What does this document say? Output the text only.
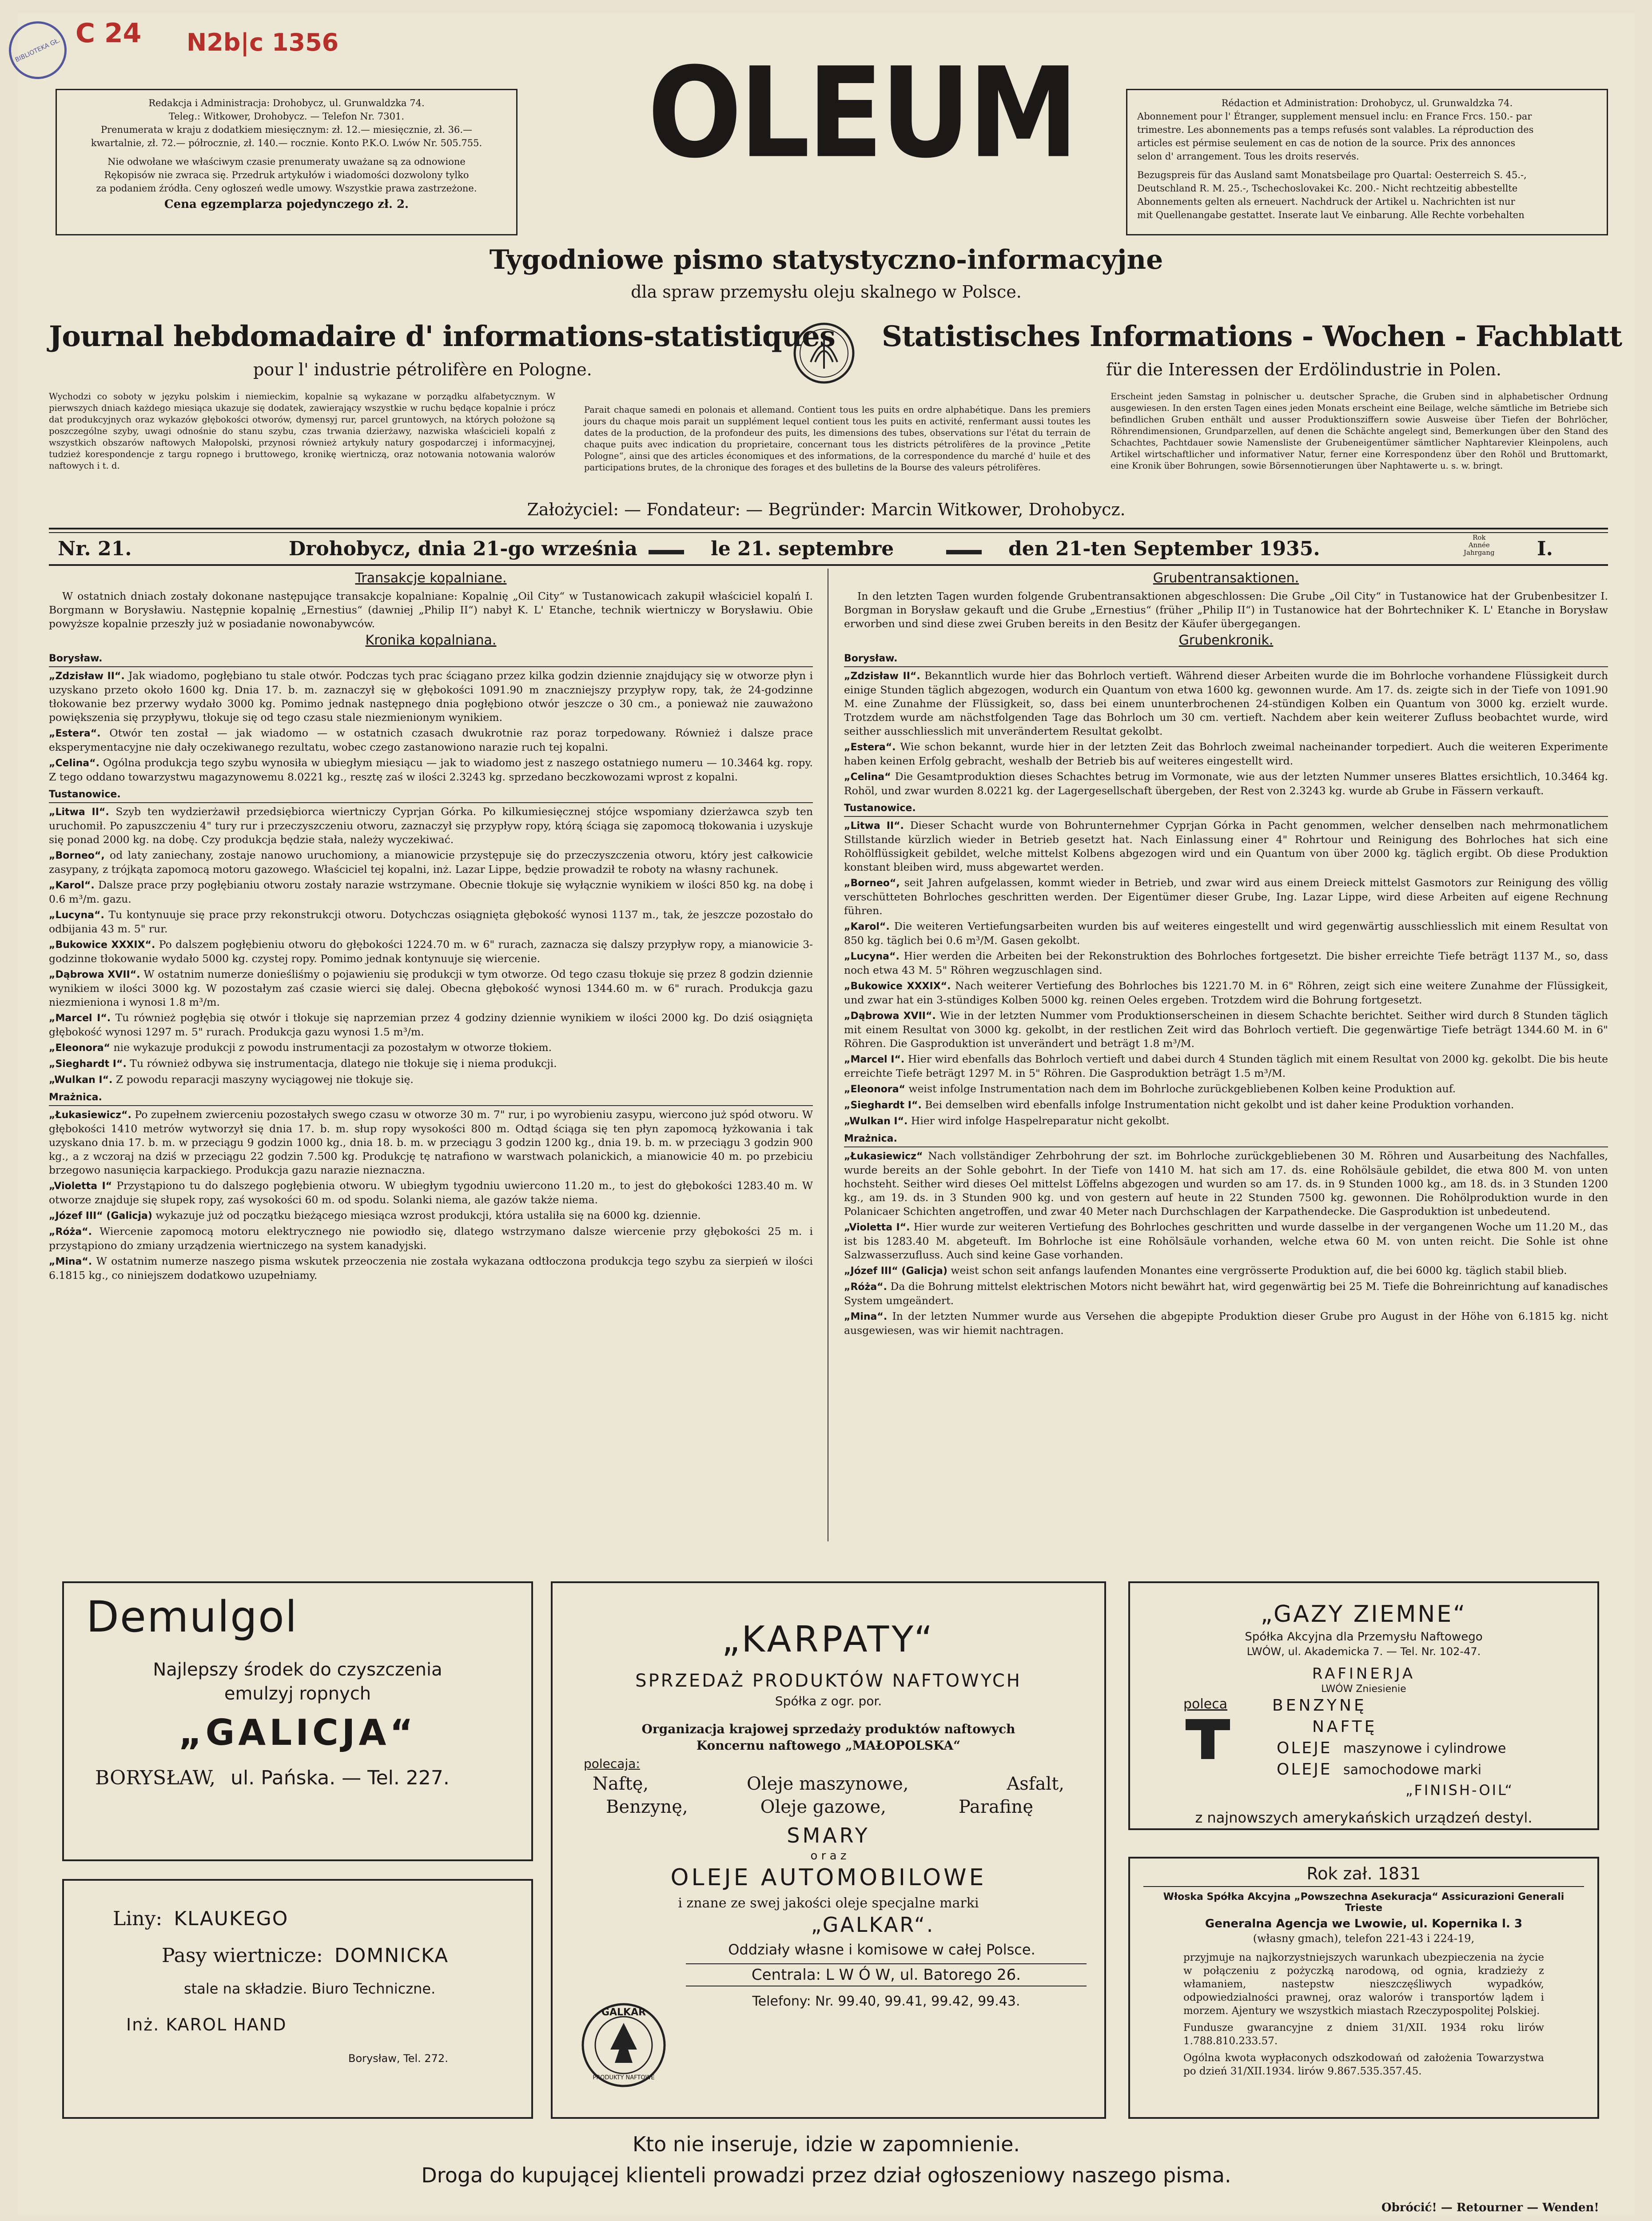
BIBLIOTEKA GŁ.
C 24 N2b|c 1356
Redakcja i Administracja: Drohobycz, ul. Grunwaldzka 74.
Teleg.: Witkower, Drohobycz. — Telefon Nr. 7301.
Prenumerata w kraju z dodatkiem miesięcznym: zł. 12.— miesięcznie, zł. 36.—
kwartalnie, zł. 72.— półrocznie, zł. 140.— rocznie. Konto P.K.O. Lwów Nr. 505.755.
Nie odwołane we właściwym czasie prenumeraty uważane są za odnowione
Rękopisów nie zwraca się. Przedruk artykułów i wiadomości dozwolony tylko
za podaniem źródła. Ceny ogłoszeń wedle umowy. Wszystkie prawa zastrzeżone.
Cena egzemplarza pojedynczego zł. 2.
OLEUM	Rédaction et Administration: Drohobycz, ul. Grunwaldzka 74.
Abonnement pour l' Étranger, supplement mensuel inclu: en France Frcs. 150.- par
trimestre. Les abonnements pas a temps refusés sont valables. La réproduction des
articles est pérmise seulement en cas de notion de la source. Prix des annonces
selon d' arrangement. Tous les droits reservés.
Bezugspreis für das Ausland samt Monatsbeilage pro Quartal: Oesterreich S. 45.-,
Deutschland R. M. 25.-, Tschechoslovakei Kc. 200.- Nicht rechtzeitig abbestellte
Abonnements gelten als erneuert. Nachdruck der Artikel u. Nachrichten ist nur
mit Quellenangabe gestattet. Inserate laut Ve einbarung. Alle Rechte vorbehalten
Tygodniowe pismo statystyczno-informacyjne
dla spraw przemysłu oleju skalnego w Polsce.
Journal hebdomadaire d' informations-statistiques
pour l' industrie pétrolifère en Pologne.
Statistisches Informations - Wochen - Fachblatt
für die Interessen der Erdölindustrie in Polen.
Wychodzi co soboty w języku polskim i niemieckim, kopalnie są wykazane w porządku alfabetycznym. W pierwszych dniach każdego miesiąca ukazuje się dodatek, zawierający wszystkie w ruchu będące kopalnie i prócz dat produkcyjnych oraz wykazów głębokości otworów, dymensyj rur, parcel gruntowych, na których położone są poszczególne szyby, uwagi odnośnie do stanu szybu, czas trwania dzierżawy, nazwiska właścicieli kopalń z wszystkich obszarów naftowych Małopolski, przynosi również artykuły natury gospodarczej i informacyjnej, tudzież korespondencje z targu ropnego i bruttowego, kronikę wiertniczą, oraz notowania notowania walorów naftowych i t. d.
Parait chaque samedi en polonais et allemand. Contient tous les puits en ordre alphabétique. Dans les premiers jours du chaque mois parait un supplément lequel contient tous les puits en activité, renfermant aussi toutes les dates de la production, de la profondeur des puits, les dimensions des tubes, observations sur l'état du terrain de chaque puits avec indication du proprietaire, concernant tous les districts pétrolifères de la province „Petite Pologne“, ainsi que des articles économiques et des informations, de la correspondence du marché d' huile et des participations brutes, de la chronique des forages et des bulletins de la Bourse des valeurs pétrolifères.
Erscheint jeden Samstag in polnischer u. deutscher Sprache, die Gruben sind in alphabetischer Ordnung ausgewiesen. In den ersten Tagen eines jeden Monats erscheint eine Beilage, welche sämtliche im Betriebe sich befindlichen Gruben enthält und ausser Produktionsziffern sowie Ausweise über Tiefen der Bohrlöcher, Röhrendimensionen, Grundparzellen, auf denen die Schächte angelegt sind, Bemerkungen über den Stand des Schachtes, Pachtdauer sowie Namensliste der Grubeneigentümer sämtlicher Naphtarevier Kleinpolens, auch Artikel wirtschaftlicher und informativer Natur, ferner eine Korrespondenz über den Rohöl und Bruttomarkt, eine Kronik über Bohrungen, sowie Börsennotierungen über Naphtawerte u. s. w. bringt.
Założyciel: — Fondateur: — Begründer: Marcin Witkower, Drohobycz.
Nr. 21.	Drohobycz, dnia 21-go września	le 21. septembre	den 21-ten September 1935.	Rok
Année
Jahrgang I.
Transakcje kopalniane.

W ostatnich dniach zostały dokonane następujące transakcje kopalniane: Kopalnię „Oil City“ w Tustanowicach zakupił właściciel kopalń I. Borgmann w Borysławiu. Następnie kopalnię „Ernestius“ (dawniej „Philip II“) nabył K. L' Etanche, technik wiertniczy w Borysławiu. Obie powyższe kopalnie przeszły już w posiadanie nowonabywców.

Kronika kopalniana.
Borysław.

„Zdzisław II“. Jak wiadomo, pogłębiano tu stale otwór. Podczas tych prac ściągano przez kilka godzin dziennie znajdujący się w otworze płyn i uzyskano przeto około 1600 kg. Dnia 17. b. m. zaznaczył się w głębokości 1091.90 m znaczniejszy przypływ ropy, tak, że 24-godzinne tłokowanie bez przerwy wydało 3000 kg. Pomimo jednak następnego dnia pogłębiono otwór jeszcze o 30 cm., a ponieważ nie zauważono powiększenia się przypływu, tłokuje się od tego czasu stale niezmienionym wynikiem.

„Estera“. Otwór ten został — jak wiadomo — w ostatnich czasach dwukrotnie raz poraz torpedowany. Również i dalsze prace eksperymentacyjne nie dały oczekiwanego rezultatu, wobec czego zastanowiono narazie ruch tej kopalni.

„Celina“. Ogólna produkcja tego szybu wynosiła w ubiegłym miesiącu — jak to wiadomo jest z naszego ostatniego numeru — 10.3464 kg. ropy. Z tego oddano towarzystwu magazynowemu 8.0221 kg., resztę zaś w ilości 2.3243 kg. sprzedano beczkowozami wprost z kopalni.

Tustanowice.

„Litwa II“. Szyb ten wydzierżawił przedsiębiorca wiertniczy Cyprjan Górka. Po kilkumiesięcznej stójce wspomiany dzierżawca szyb ten uruchomił. Po zapuszczeniu 4" tury rur i przeczyszczeniu otworu, zaznaczył się przypływ ropy, którą ściąga się zapomocą tłokowania i uzyskuje się ponad 2000 kg. na dobę. Czy produkcja będzie stała, należy wyczekiwać.

„Borneo“, od laty zaniechany, zostaje nanowo uruchomiony, a mianowicie przystępuje się do przeczyszczenia otworu, który jest całkowicie zasypany, z trójkąta zapomocą motoru gazowego. Właściciel tej kopalni, inż. Lazar Lippe, będzie prowadził te roboty na własny rachunek.

„Karol“. Dalsze prace przy pogłębianiu otworu zostały narazie wstrzymane. Obecnie tłokuje się wyłącznie wynikiem w ilości 850 kg. na dobę i 0.6 m³/m. gazu.

„Lucyna“. Tu kontynuuje się prace przy rekonstrukcji otworu. Dotychczas osiągnięta głębokość wynosi 1137 m., tak, że jeszcze pozostało do odbijania 43 m. 5" rur.

„Bukowice XXXIX“. Po dalszem pogłębieniu otworu do głębokości 1224.70 m. w 6" rurach, zaznacza się dalszy przypływ ropy, a mianowicie 3-godzinne tłokowanie wydało 5000 kg. czystej ropy. Pomimo jednak kontynuuje się wiercenie.

„Dąbrowa XVII“. W ostatnim numerze donieśliśmy o pojawieniu się produkcji w tym otworze. Od tego czasu tłokuje się przez 8 godzin dziennie wynikiem w ilości 3000 kg. W pozostałym zaś czasie wierci się dalej. Obecna głębokość wynosi 1344.60 m. w 6" rurach. Produkcja gazu niezmieniona i wynosi 1.8 m³/m.

„Marcel I“. Tu również pogłębia się otwór i tłokuje się naprzemian przez 4 godziny dziennie wynikiem w ilości 2000 kg. Do dziś osiągnięta głębokość wynosi 1297 m. 5" rurach. Produkcja gazu wynosi 1.5 m³/m.

„Eleonora“ nie wykazuje produkcji z powodu instrumentacji za pozostałym w otworze tłokiem.

„Sieghardt I“. Tu również odbywa się instrumentacja, dlatego nie tłokuje się i niema produkcji.

„Wulkan I“. Z powodu reparacji maszyny wyciągowej nie tłokuje się.

Mrażnica.

„Łukasiewicz“. Po zupełnem zwierceniu pozostałych swego czasu w otworze 30 m. 7" rur, i po wyrobieniu zasypu, wiercono już spód otworu. W głębokości 1410 metrów wytworzył się dnia 17. b. m. słup ropy wysokości 800 m. Odtąd ściąga się ten płyn zapomocą łyżkowania i tak uzyskano dnia 17. b. m. w przeciągu 9 godzin 1000 kg., dnia 18. b. m. w przeciągu 3 godzin 1200 kg., dnia 19. b. m. w przeciągu 3 godzin 900 kg., a z wczoraj na dziś w przeciągu 22 godzin 7.500 kg. Produkcję tę natrafiono w warstwach polanickich, a mianowicie 40 m. po przebiciu brzegowo nasunięcia karpackiego. Produkcja gazu narazie nieznaczna.

„Violetta I“ Przystąpiono tu do dalszego pogłębienia otworu. W ubiegłym tygodniu uwiercono 11.20 m., to jest do głębokości 1283.40 m. W otworze znajduje się słupek ropy, zaś wysokości 60 m. od spodu. Solanki niema, ale gazów także niema.

„Józef III“ (Galicja) wykazuje już od początku bieżącego miesiąca wzrost produkcji, która ustaliła się na 6000 kg. dziennie.

„Róża“. Wiercenie zapomocą motoru elektrycznego nie powiodło się, dlatego wstrzymano dalsze wiercenie przy głębokości 25 m. i przystąpiono do zmiany urządzenia wiertniczego na system kanadyjski.

„Mina“. W ostatnim numerze naszego pisma wskutek przeoczenia nie została wykazana odtłoczona produkcja tego szybu za sierpień w ilości 6.1815 kg., co niniejszem dodatkowo uzupełniamy.

Grubentransaktionen.

In den letzten Tagen wurden folgende Grubentransaktionen abgeschlossen: Die Grube „Oil City“ in Tustanowice hat der Grubenbesitzer I. Borgman in Borysław gekauft und die Grube „Ernestius“ (früher „Philip II“) in Tustanowice hat der Bohrtechniker K. L' Etanche in Borysław erworben und sind diese zwei Gruben bereits in den Besitz der Käufer übergegangen.

Grubenkronik.
Borysław.

„Zdzisław II“. Bekanntlich wurde hier das Bohrloch vertieft. Während dieser Arbeiten wurde die im Bohrloche vorhandene Flüssigkeit durch einige Stunden täglich abgezogen, wodurch ein Quantum von etwa 1600 kg. gewonnen wurde. Am 17. ds. zeigte sich in der Tiefe von 1091.90 M. eine Zunahme der Flüssigkeit, so, dass bei einem ununterbrochenen 24-stündigen Kolben ein Quantum von 3000 kg. erzielt wurde. Trotzdem wurde am nächstfolgenden Tage das Bohrloch um 30 cm. vertieft. Nachdem aber kein weiterer Zufluss beobachtet wurde, wird seither ausschliesslich mit unverändertem Resultat gekolbt.

„Estera“. Wie schon bekannt, wurde hier in der letzten Zeit das Bohrloch zweimal nacheinander torpediert. Auch die weiteren Experimente haben keinen Erfolg gebracht, weshalb der Betrieb bis auf weiteres eingestellt wird.

„Celina“ Die Gesamtproduktion dieses Schachtes betrug im Vormonate, wie aus der letzten Nummer unseres Blattes ersichtlich, 10.3464 kg. Rohöl, und zwar wurden 8.0221 kg. der Lagergesellschaft übergeben, der Rest von 2.3243 kg. wurde ab Grube in Fässern verkauft.

Tustanowice.

„Litwa II“. Dieser Schacht wurde von Bohrunternehmer Cyprjan Górka in Pacht genommen, welcher denselben nach mehrmonatlichem Stillstande kürzlich wieder in Betrieb gesetzt hat. Nach Einlassung einer 4" Rohrtour und Reinigung des Bohrloches hat sich eine Rohölflüssigkeit gebildet, welche mittelst Kolbens abgezogen wird und ein Quantum von über 2000 kg. täglich ergibt. Ob diese Produktion konstant bleiben wird, muss abgewartet werden.

„Borneo“, seit Jahren aufgelassen, kommt wieder in Betrieb, und zwar wird aus einem Dreieck mittelst Gasmotors zur Reinigung des völlig verschütteten Bohrloches geschritten werden. Der Eigentümer dieser Grube, Ing. Lazar Lippe, wird diese Arbeiten auf eigene Rechnung führen.

„Karol“. Die weiteren Vertiefungsarbeiten wurden bis auf weiteres eingestellt und wird gegenwärtig ausschliesslich mit einem Resultat von 850 kg. täglich bei 0.6 m³/M. Gasen gekolbt.

„Lucyna“. Hier werden die Arbeiten bei der Rekonstruktion des Bohrloches fortgesetzt. Die bisher erreichte Tiefe beträgt 1137 M., so, dass noch etwa 43 M. 5" Röhren wegzuschlagen sind.

„Bukowice XXXIX“. Nach weiterer Vertiefung des Bohrloches bis 1221.70 M. in 6" Röhren, zeigt sich eine weitere Zunahme der Flüssigkeit, und zwar hat ein 3-stündiges Kolben 5000 kg. reinen Oeles ergeben. Trotzdem wird die Bohrung fortgesetzt.

„Dąbrowa XVII“. Wie in der letzten Nummer vom Produktionserscheinen in diesem Schachte berichtet. Seither wird durch 8 Stunden täglich mit einem Resultat von 3000 kg. gekolbt, in der restlichen Zeit wird das Bohrloch vertieft. Die gegenwärtige Tiefe beträgt 1344.60 M. in 6" Röhren. Die Gasproduktion ist unverändert und beträgt 1.8 m³/M.

„Marcel I“. Hier wird ebenfalls das Bohrloch vertieft und dabei durch 4 Stunden täglich mit einem Resultat von 2000 kg. gekolbt. Die bis heute erreichte Tiefe beträgt 1297 M. in 5" Röhren. Die Gasproduktion beträgt 1.5 m³/M.

„Eleonora“ weist infolge Instrumentation nach dem im Bohrloche zurückgebliebenen Kolben keine Produktion auf.

„Sieghardt I“. Bei demselben wird ebenfalls infolge Instrumentation nicht gekolbt und ist daher keine Produktion vorhanden.

„Wulkan I“. Hier wird infolge Haspelreparatur nicht gekolbt.

Mrażnica.

„Łukasiewicz“ Nach vollständiger Zehrbohrung der szt. im Bohrloche zurückgebliebenen 30 M. Röhren und Ausarbeitung des Nachfalles, wurde bereits an der Sohle gebohrt. In der Tiefe von 1410 M. hat sich am 17. ds. eine Rohölsäule gebildet, die etwa 800 M. von unten hochsteht. Seither wird dieses Oel mittelst Löffelns abgezogen und wurden so am 17. ds. in 9 Stunden 1000 kg., am 18. ds. in 3 Stunden 1200 kg., am 19. ds. in 3 Stunden 900 kg. und von gestern auf heute in 22 Stunden 7500 kg. gewonnen. Die Rohölproduktion wurde in den Polanicaer Schichten angetroffen, und zwar 40 Meter nach Durchschlagen der Karpathendecke. Die Gasproduktion ist unbedeutend.

„Violetta I“. Hier wurde zur weiteren Vertiefung des Bohrloches geschritten und wurde dasselbe in der vergangenen Woche um 11.20 M., das ist bis 1283.40 M. abgeteuft. Im Bohrloche ist eine Rohölsäule vorhanden, welche etwa 60 M. von unten reicht. Die Sohle ist ohne Salzwasserzufluss. Auch sind keine Gase vorhanden.

„Józef III“ (Galicja) weist schon seit anfangs laufenden Monantes eine vergrösserte Produktion auf, die bei 6000 kg. täglich stabil blieb.

„Róża“. Da die Bohrung mittelst elektrischen Motors nicht bewährt hat, wird gegenwärtig bei 25 M. Tiefe die Bohreinrichtung auf kanadisches System umgeändert.

„Mina“. In der letzten Nummer wurde aus Versehen die abgepipte Produktion dieser Grube pro August in der Höhe von 6.1815 kg. nicht ausgewiesen, was wir hiemit nachtragen.

Demulgol
Najlepszy środek do czyszczenia
emulzyj ropnych
„GALICJA“
BORYSŁAW, ul. Pańska. — Tel. 227.
Liny: KLAUKEGO
Pasy wiertnicze: DOMNICKA
stale na składzie. Biuro Techniczne.
Inż. KAROL HAND
Borysław, Tel. 272.
„KARPATY“
SPRZEDAŻ PRODUKTÓW NAFTOWYCH
Spółka z ogr. por.
Organizacja krajowej sprzedaży produktów naftowych
Koncernu naftowego „MAŁOPOLSKA“
polecaja:
Naftę,	Oleje maszynowe,	Asfalt,
Benzynę,	Oleje gazowe,	Parafinę
SMARY
o r a z
OLEJE AUTOMOBILOWE
i znane ze swej jakości oleje specjalne marki
„GALKAR“.
Oddziały własne i komisowe w całej Polsce.
Centrala: L W Ó W, ul. Batorego 26.
Telefony: Nr. 99.40, 99.41, 99.42, 99.43.
GALKAR
PRODUKTY NAFTOWE
„GAZY ZIEMNE“
Spółka Akcyjna dla Przemysłu Naftowego
LWÓW, ul. Akademicka 7. — Tel. Nr. 102-47.
RAFINERJA
LWÓW Zniesienie
poleca	BENZYNĘ
NAFTĘ
OLEJE maszynowe i cylindrowe
OLEJE samochodowe marki
„FINISH-OIL“
z najnowszych amerykańskich urządzeń destyl.
Rok zał. 1831
Włoska Spółka Akcyjna „Powszechna Asekuracja“ Assicurazioni Generali Trieste
Generalna Agencja we Lwowie, ul. Kopernika l. 3
(własny gmach), telefon 221-43 i 224-19,
przyjmuje na najkorzystniejszych warunkach ubezpieczenia na życie w połączeniu z pożyczką narodową, od ognia, kradzieży z włamaniem, nastepstw nieszczęśliwych wypadków, odpowiedzialności prawnej, oraz walorów i transportów lądem i morzem. Ajentury we wszystkich miastach Rzeczypospolitej Polskiej.
Fundusze gwarancyjne z dniem 31/XII. 1934 roku lirów 1.788.810.233.57.
Ogólna kwota wypłaconych odszkodowań od założenia Towarzystwa po dzień 31/XII.1934. lirów 9.867.535.357.45.
Kto nie inseruje, idzie w zapomnienie.
Droga do kupującej klienteli prowadzi przez dział ogłoszeniowy naszego pisma.
Obrócić! — Retourner — Wenden!
